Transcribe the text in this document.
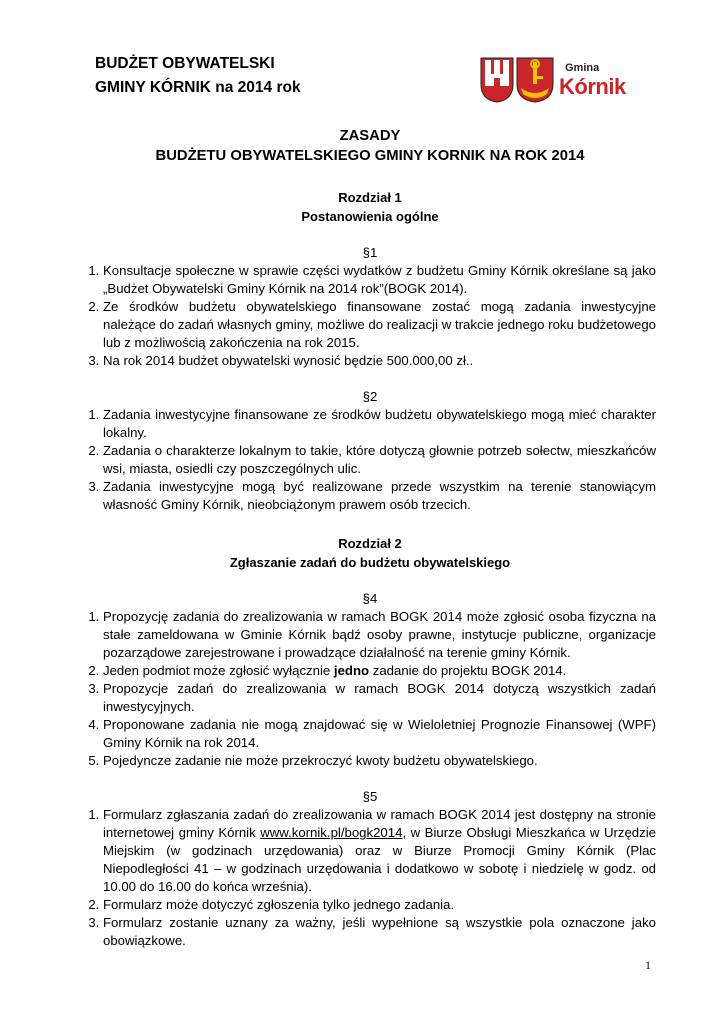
BUDŻET OBYWATELSKI
GMINY KÓRNIK na 2014 rok
Gmina
Kórnik
ZASADY
BUDŻETU OBYWATELSKIEGO GMINY KORNIK NA ROK 2014
Rozdział 1
Postanowienia ogólne
§1
1. Konsultacje społeczne w sprawie części wydatków z budżetu Gminy Kórnik określane są jako „Budżet Obywatelski Gminy Kórnik na 2014 rok”(BOGK 2014).
2. Ze środków budżetu obywatelskiego finansowane zostać mogą zadania inwestycyjne należące do zadań własnych gminy, możliwe do realizacji w trakcie jednego roku budżetowego lub z możliwością zakończenia na rok 2015.
3. Na rok 2014 budżet obywatelski wynosić będzie 500.000,00 zł..
§2
1. Zadania inwestycyjne finansowane ze środków budżetu obywatelskiego mogą mieć charakter lokalny.
2. Zadania o charakterze lokalnym to takie, które dotyczą głownie potrzeb sołectw, mieszkańców wsi, miasta, osiedli czy poszczególnych ulic.
3. Zadania inwestycyjne mogą być realizowane przede wszystkim na terenie stanowiącym własność Gminy Kórnik, nieobciążonym prawem osób trzecich.
Rozdział 2
Zgłaszanie zadań do budżetu obywatelskiego
§4
1. Propozycję zadania do zrealizowania w ramach BOGK 2014 może zgłosić osoba fizyczna na stałe zameldowana w Gminie Kórnik bądź osoby prawne, instytucje publiczne, organizacje pozarządowe zarejestrowane i prowadzące działalność na terenie gminy Kórnik.
2. Jeden podmiot może zgłosić wyłącznie jedno zadanie do projektu BOGK 2014.
3. Propozycje zadań do zrealizowania w ramach BOGK 2014 dotyczą wszystkich zadań inwestycyjnych.
4. Proponowane zadania nie mogą znajdować się w Wieloletniej Prognozie Finansowej (WPF) Gminy Kórnik na rok 2014.
5. Pojedyncze zadanie nie może przekroczyć kwoty budżetu obywatelskiego.
§5
1. Formularz zgłaszania zadań do zrealizowania w ramach BOGK 2014 jest dostępny na stronie internetowej gminy Kórnik www.kornik.pl/bogk2014, w Biurze Obsługi Mieszkańca w Urzędzie Miejskim (w godzinach urzędowania) oraz w Biurze Promocji Gminy Kórnik (Plac Niepodległości 41 – w godzinach urzędowania i dodatkowo w sobotę i niedzielę w godz. od 10.00 do 16.00 do końca września).
2. Formularz może dotyczyć zgłoszenia tylko jednego zadania.
3. Formularz zostanie uznany za ważny, jeśli wypełnione są wszystkie pola oznaczone jako obowiązkowe.
1
